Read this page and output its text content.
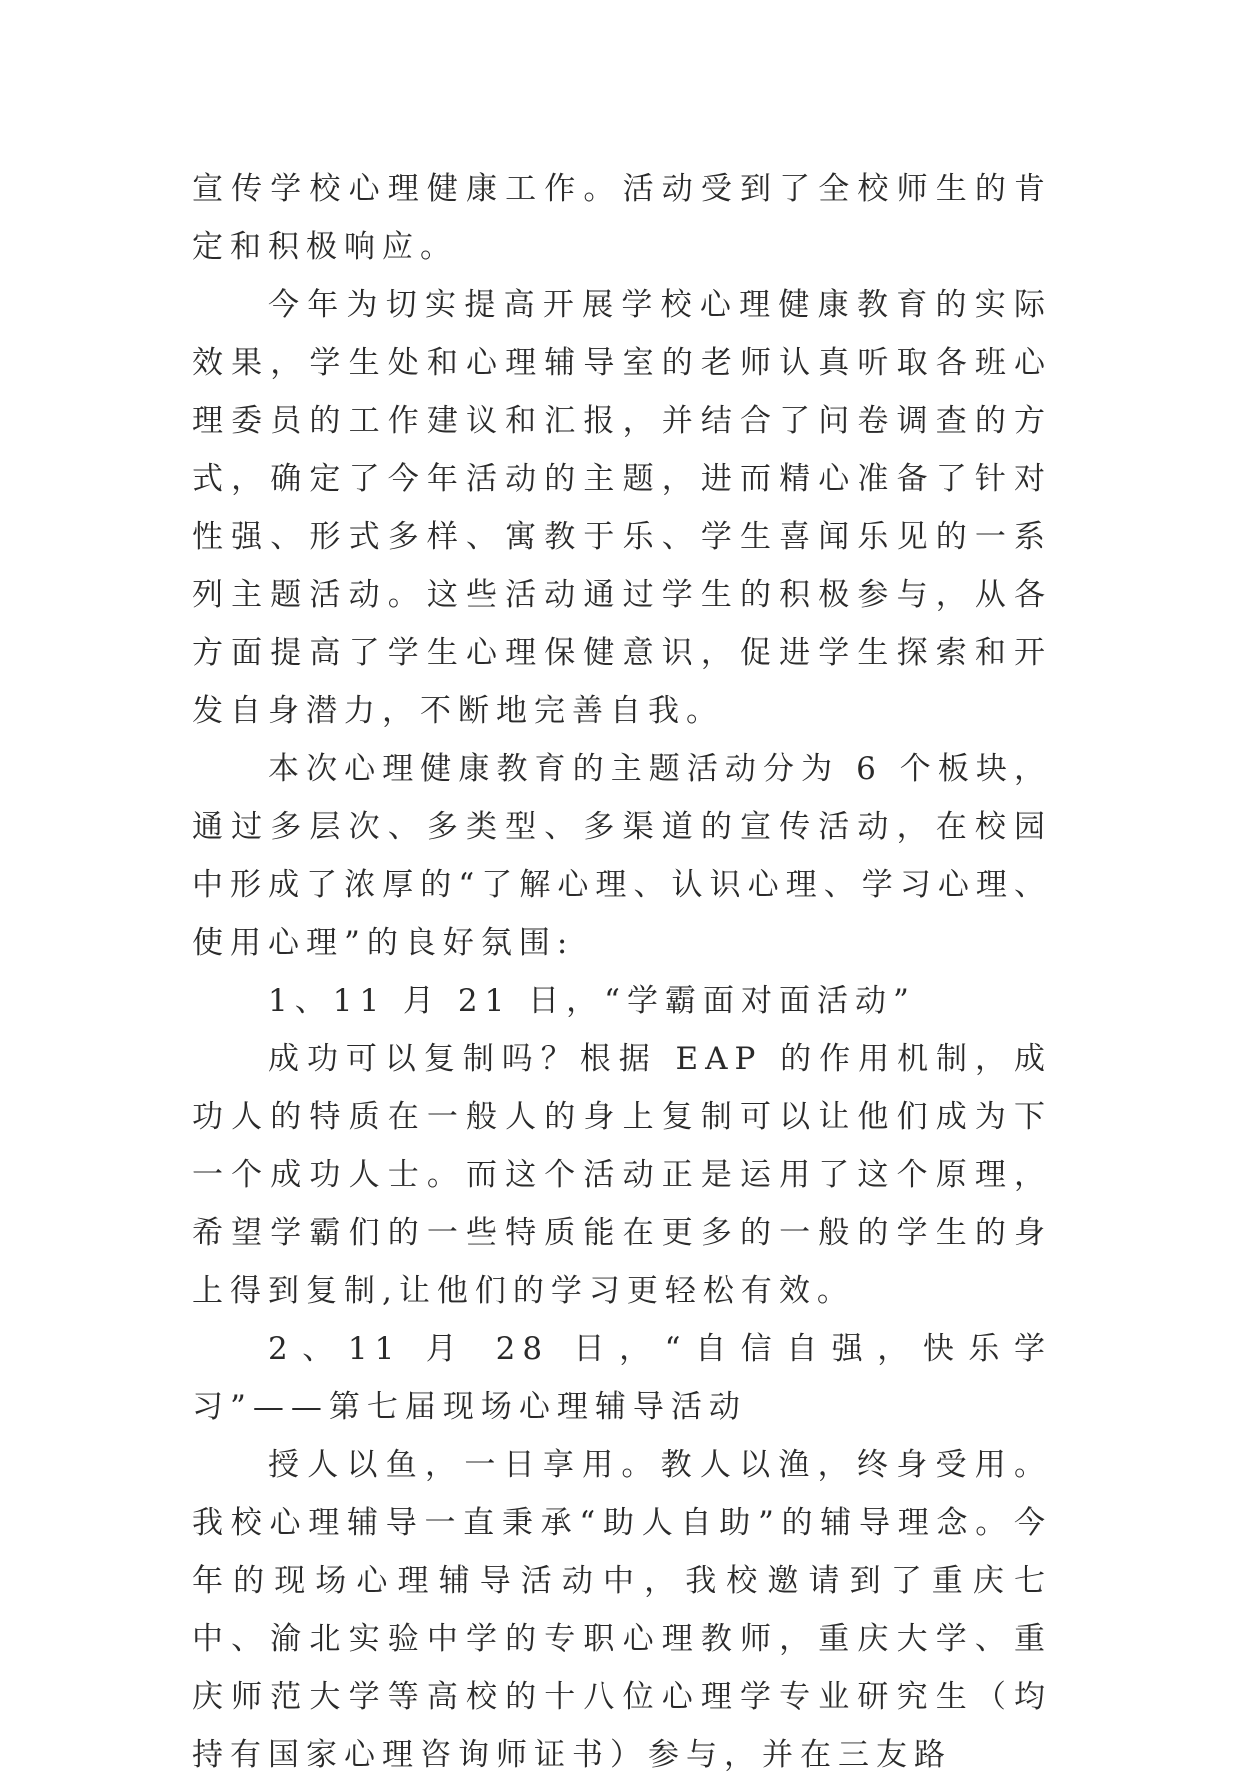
宣传学校心理健康工作。活动受到了全校师生的肯定和积极响应。

今年为切实提高开展学校心理健康教育的实际效果，学生处和心理辅导室的老师认真听取各班心理委员的工作建议和汇报，并结合了问卷调查的方式，确定了今年活动的主题，进而精心准备了针对性强、形式多样、寓教于乐、学生喜闻乐见的一系列主题活动。这些活动通过学生的积极参与，从各方面提高了学生心理保健意识，促进学生探索和开发自身潜力，不断地完善自我。

本次心理健康教育的主题活动分为 6 个板块，通过多层次、多类型、多渠道的宣传活动，在校园中形成了浓厚的“了解心理、认识心理、学习心理、使用心理”的良好氛围:

1、11 月 21 日，“学霸面对面活动”

成功可以复制吗？根据 EAP 的作用机制，成功人的特质在一般人的身上复制可以让他们成为下一个成功人士。而这个活动正是运用了这个原理，希望学霸们的一些特质能在更多的一般的学生的身上得到复制,让他们的学习更轻松有效。

2、11 月 28 日，“自信自强，快乐学习”——第七届现场心理辅导活动

授人以鱼，一日享用。教人以渔，终身受用。我校心理辅导一直秉承“助人自助”的辅导理念。今年的现场心理辅导活动中，我校邀请到了重庆七中、渝北实验中学的专职心理教师，重庆大学、重庆师范大学等高校的十八位心理学专业研究生（均持有国家心理咨询师证书）参与，并在三友路
